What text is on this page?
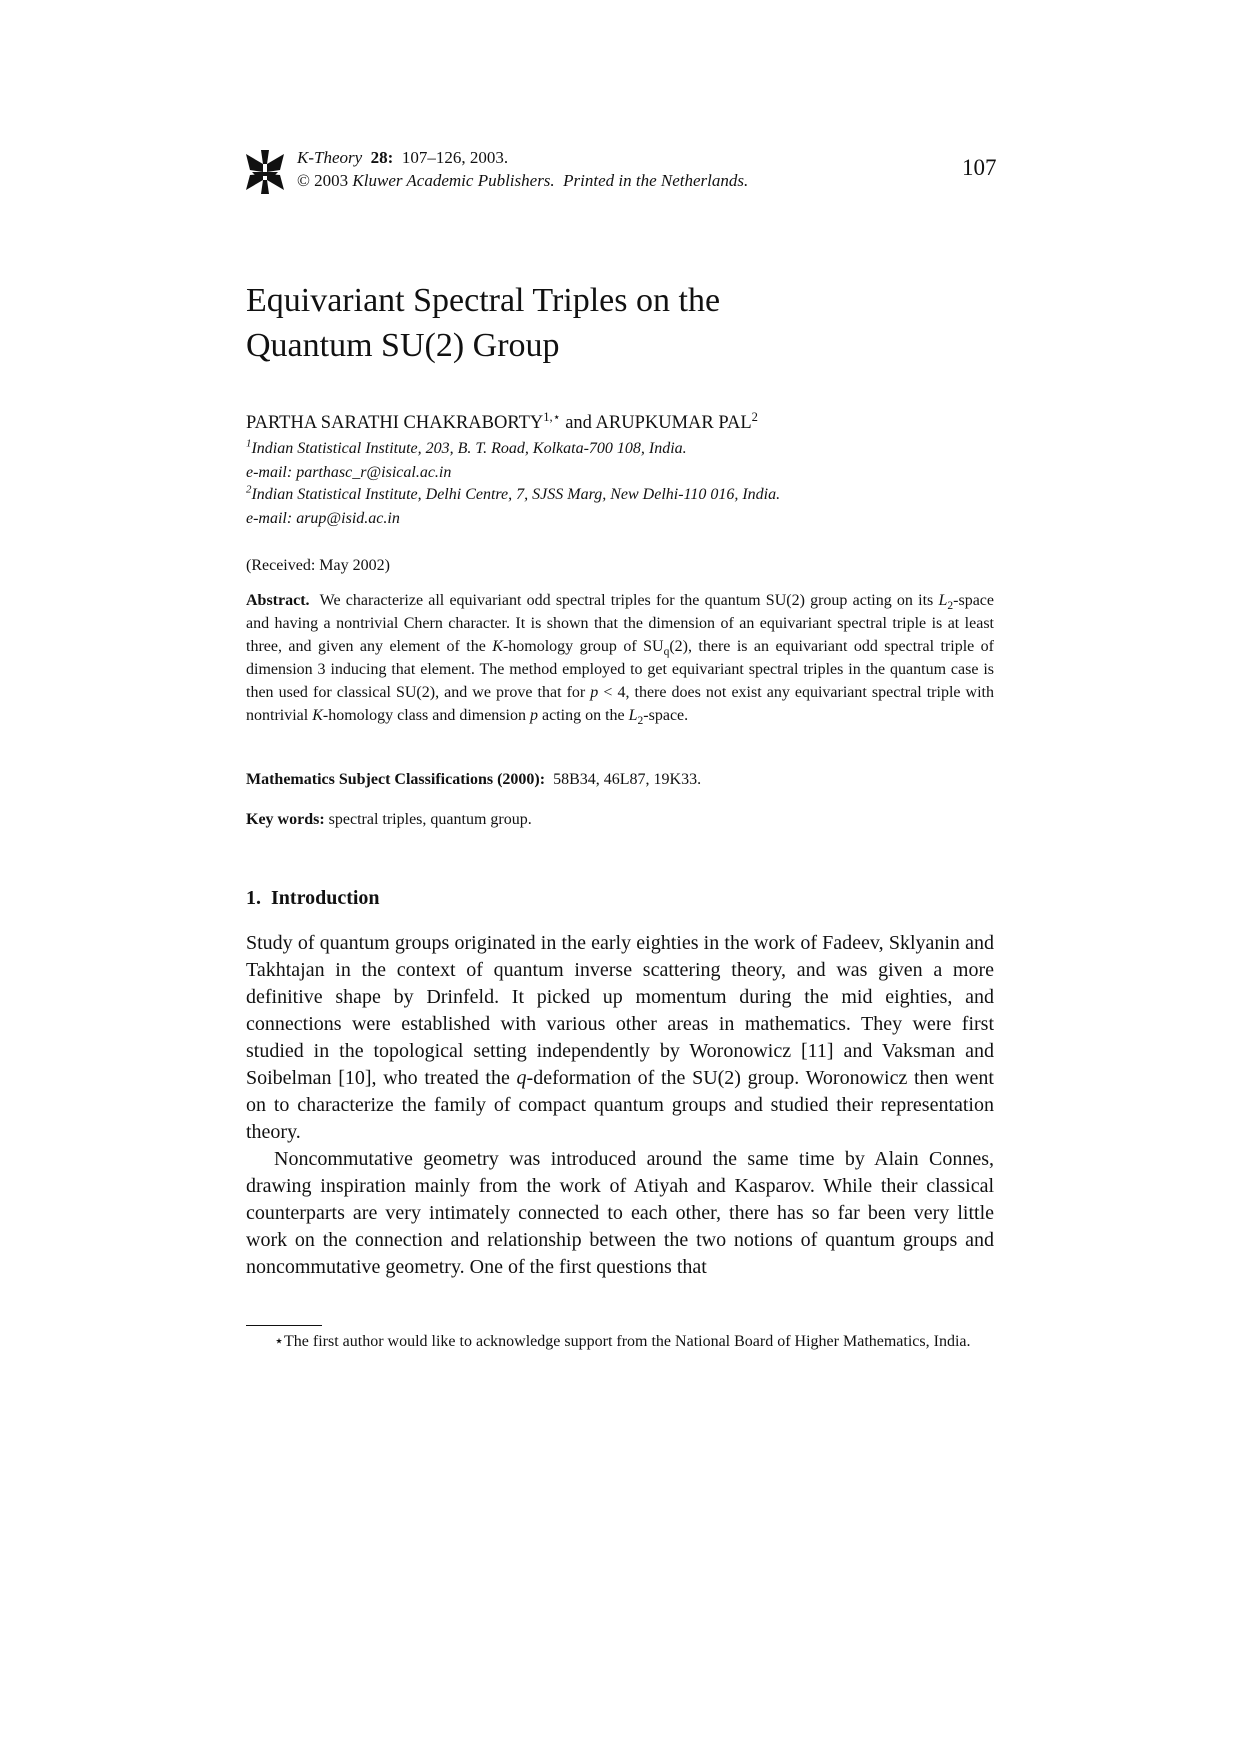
K-Theory 28: 107–126, 2003.
© 2003 Kluwer Academic Publishers. Printed in the Netherlands.
107
Equivariant Spectral Triples on the
Quantum SU(2) Group
PARTHA SARATHI $CHAKRABORTY^{1,⋆}$ and ARUPKUMAR PAL$^2$
$^1$Indian Statistical Institute, 203, B. T. Road, Kolkata-700 108, India.
e-mail: parthasc_r@isical.ac.in
$^2$Indian Statistical Institute, Delhi Centre, 7, SJSS Marg, New Delhi-110 016, India.
e-mail: arup@isid.ac.in
(Received: May 2002)
Abstract. We characterize all equivariant odd spectral triples for the quantum SU(2) group acting on its $L_2$-space and having a nontrivial Chern character. It is shown that the dimension of an equivariant spectral triple is at least three, and given any element of the K-homology group of $SU_q(2)$, there is an equivariant odd spectral triple of dimension 3 inducing that element. The method employed to get equivariant spectral triples in the quantum case is then used for classical SU(2), and we prove that for p < 4, there does not exist any equivariant spectral triple with nontrivial K-homology class and dimension p acting on the $L_2$-space.
Mathematics Subject Classifications (2000): 58B34, 46L87, 19K33.
Key words: spectral triples, quantum group.
1. Introduction

Study of quantum groups originated in the early eighties in the work of Fadeev, Sklyanin and Takhtajan in the context of quantum inverse scattering theory, and was given a more definitive shape by Drinfeld. It picked up momentum during the mid eighties, and connections were established with various other areas in mathematics. They were first studied in the topological setting independently by Woronowicz [11] and Vaksman and Soibelman [10], who treated the q-deformation of the SU(2) group. Woronowicz then went on to characterize the family of compact quantum groups and studied their representation theory.

Noncommutative geometry was introduced around the same time by Alain Connes, drawing inspiration mainly from the work of Atiyah and Kasparov. While their classical counterparts are very intimately connected to each other, there has so far been very little work on the connection and relationship between the two notions of quantum groups and noncommutative geometry. One of the first questions that

⋆The first author would like to acknowledge support from the National Board of Higher Mathematics, India.
